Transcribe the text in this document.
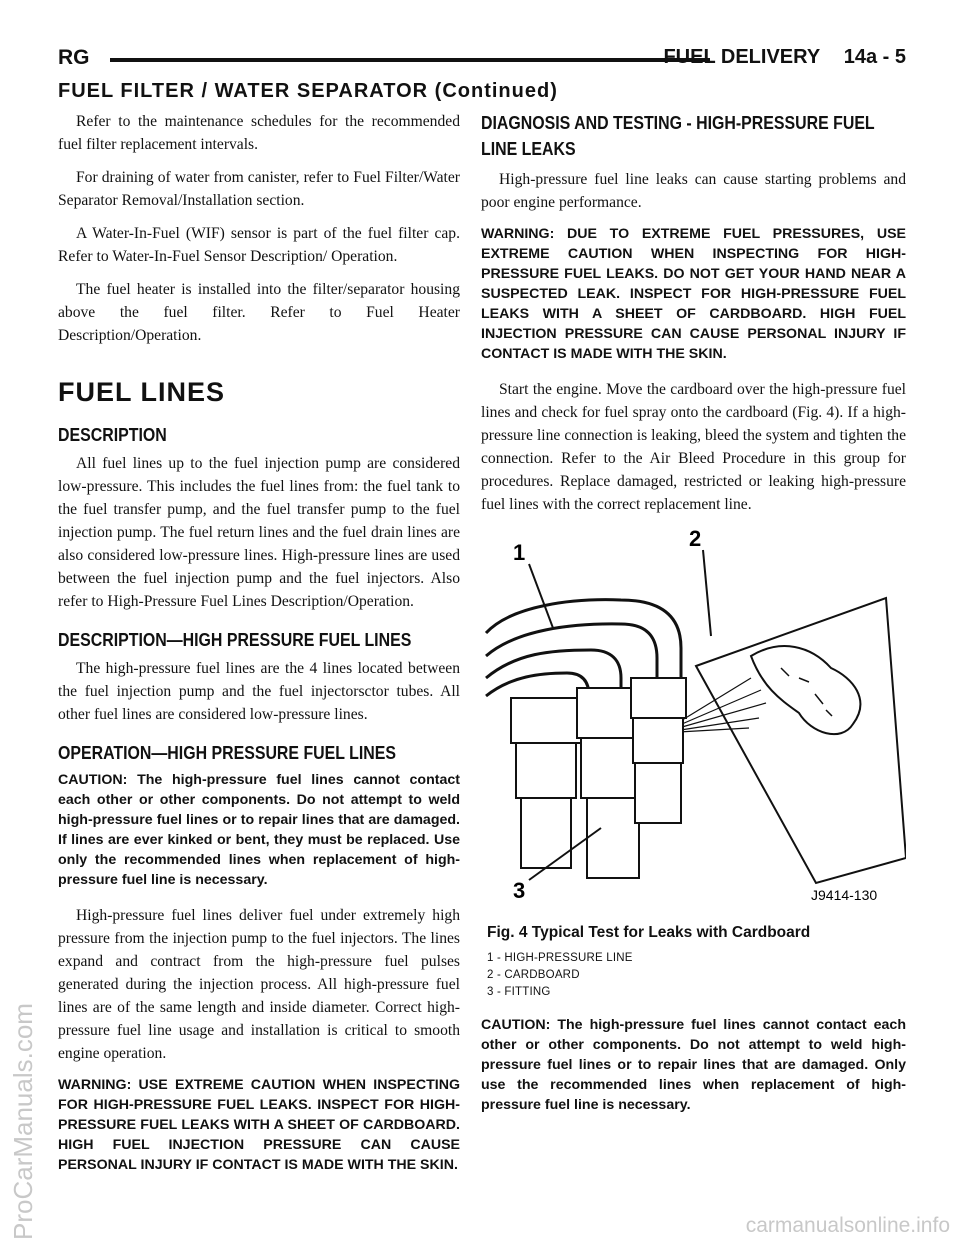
RG	FUEL DELIVERY 14a - 5
FUEL FILTER / WATER SEPARATOR (Continued)

Refer to the maintenance schedules for the recommended fuel filter replacement intervals.

For draining of water from canister, refer to Fuel Filter/Water Separator Removal/Installation section.

A Water-In-Fuel (WIF) sensor is part of the fuel filter cap. Refer to Water-In-Fuel Sensor Description/ Operation.

The fuel heater is installed into the filter/separator housing above the fuel filter. Refer to Fuel Heater Description/Operation.

FUEL LINES
DESCRIPTION

All fuel lines up to the fuel injection pump are considered low-pressure. This includes the fuel lines from: the fuel tank to the fuel transfer pump, and the fuel transfer pump to the fuel injection pump. The fuel return lines and the fuel drain lines are also considered low-pressure lines. High-pressure lines are used between the fuel injection pump and the fuel injectors. Also refer to High-Pressure Fuel Lines Description/Operation.

DESCRIPTION—HIGH PRESSURE FUEL LINES

The high-pressure fuel lines are the 4 lines located between the fuel injection pump and the fuel injectorsctor tubes. All other fuel lines are considered low-pressure lines.

OPERATION—HIGH PRESSURE FUEL LINES

CAUTION: The high-pressure fuel lines cannot contact each other or other components. Do not attempt to weld high-pressure fuel lines or to repair lines that are damaged. If lines are ever kinked or bent, they must be replaced. Use only the recommended lines when replacement of high-pressure fuel line is necessary.

High-pressure fuel lines deliver fuel under extremely high pressure from the injection pump to the fuel injectors. The lines expand and contract from the high-pressure fuel pulses generated during the injection process. All high-pressure fuel lines are of the same length and inside diameter. Correct high-pressure fuel line usage and installation is critical to smooth engine operation.

WARNING: USE EXTREME CAUTION WHEN INSPECTING FOR HIGH-PRESSURE FUEL LEAKS. INSPECT FOR HIGH-PRESSURE FUEL LEAKS WITH A SHEET OF CARDBOARD. HIGH FUEL INJECTION PRESSURE CAN CAUSE PERSONAL INJURY IF CONTACT IS MADE WITH THE SKIN.

DIAGNOSIS AND TESTING - HIGH-PRESSURE FUEL LINE LEAKS

High-pressure fuel line leaks can cause starting problems and poor engine performance.

WARNING: DUE TO EXTREME FUEL PRESSURES, USE EXTREME CAUTION WHEN INSPECTING FOR HIGH-PRESSURE FUEL LEAKS. DO NOT GET YOUR HAND NEAR A SUSPECTED LEAK. INSPECT FOR HIGH-PRESSURE FUEL LEAKS WITH A SHEET OF CARDBOARD. HIGH FUEL INJECTION PRESSURE CAN CAUSE PERSONAL INJURY IF CONTACT IS MADE WITH THE SKIN.

Start the engine. Move the cardboard over the high-pressure fuel lines and check for fuel spray onto the cardboard (Fig. 4). If a high-pressure line connection is leaking, bleed the system and tighten the connection. Refer to the Air Bleed Procedure in this group for procedures. Replace damaged, restricted or leaking high-pressure fuel lines with the correct replacement line.

1
2
3	J9414-130
Fig. 4 Typical Test for Leaks with Cardboard
1 - HIGH-PRESSURE LINE
2 - CARDBOARD
3 - FITTING

CAUTION: The high-pressure fuel lines cannot contact each other or other components. Do not attempt to weld high-pressure fuel lines or to repair lines that are damaged. Only use the recommended lines when replacement of high-pressure fuel line is necessary.

ProCarManuals.com	carmanualsonline.info
